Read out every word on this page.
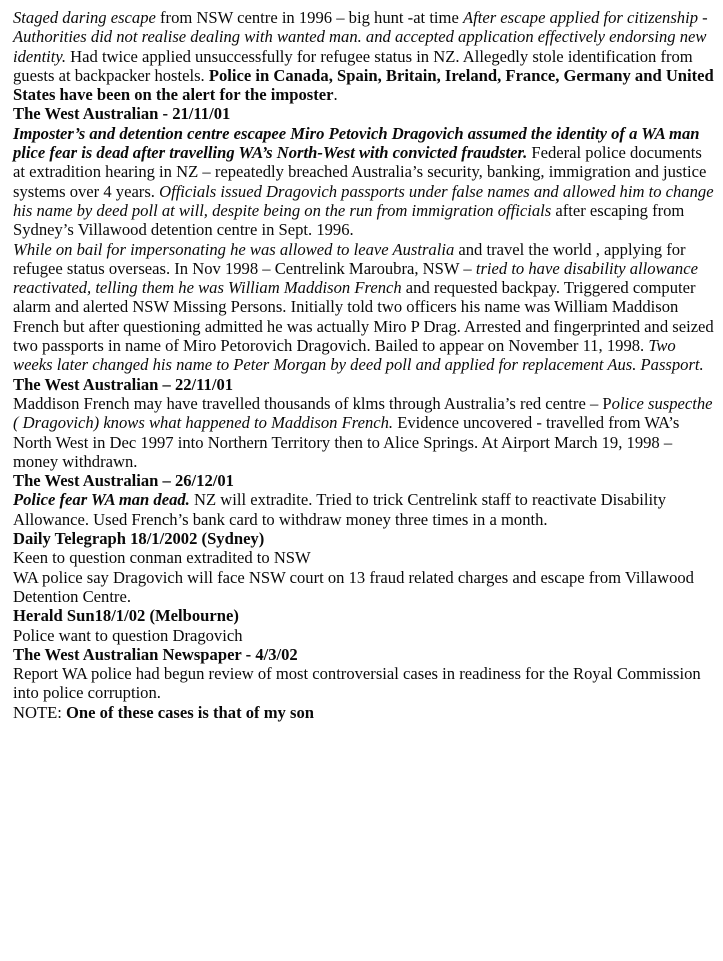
Staged daring escape from NSW centre in 1996 – big hunt -at time After escape applied for citizenship - Authorities did not realise dealing with wanted man. and accepted application effectively endorsing new identity. Had twice applied unsuccessfully for refugee status in NZ. Allegedly stole identification from guests at backpacker hostels. Police in Canada, Spain, Britain, Ireland, France, Germany and United States have been on the alert for the imposter.

The West Australian - 21/11/01

Imposter’s and detention centre escapee Miro Petovich Dragovich assumed the identity of a WA man plice fear is dead after travelling WA’s North-West with convicted fraudster. Federal police documents at extradition hearing in NZ – repeatedly breached Australia’s security, banking, immigration and justice systems over 4 years. Officials issued Dragovich passports under false names and allowed him to change his name by deed poll at will, despite being on the run from immigration officials after escaping from Sydney’s Villawood detention centre in Sept. 1996.

While on bail for impersonating he was allowed to leave Australia and travel the world , applying for refugee status overseas. In Nov 1998 – Centrelink Maroubra, NSW – tried to have disability allowance reactivated, telling them he was William Maddison French and requested backpay. Triggered computer alarm and alerted NSW Missing Persons. Initially told two officers his name was William Maddison French but after questioning admitted he was actually Miro P Drag. Arrested and fingerprinted and seized two passports in name of Miro Petorovich Dragovich. Bailed to appear on November 11, 1998. Two weeks later changed his name to Peter Morgan by deed poll and applied for replacement Aus. Passport.

The West Australian – 22/11/01

Maddison French may have travelled thousands of klms through Australia’s red centre – Police suspecthe ( Dragovich) knows what happened to Maddison French. Evidence uncovered - travelled from WA’s North West in Dec 1997 into Northern Territory then to Alice Springs. At Airport March 19, 1998 – money withdrawn.

The West Australian – 26/12/01

Police fear WA man dead. NZ will extradite. Tried to trick Centrelink staff to reactivate Disability Allowance. Used French’s bank card to withdraw money three times in a month.

Daily Telegraph 18/1/2002 (Sydney)

Keen to question conman extradited to NSW

WA police say Dragovich will face NSW court on 13 fraud related charges and escape from Villawood Detention Centre.

Herald Sun18/1/02 (Melbourne)

Police want to question Dragovich

The West Australian Newspaper - 4/3/02

Report WA police had begun review of most controversial cases in readiness for the Royal Commission into police corruption.

NOTE: One of these cases is that of my son
